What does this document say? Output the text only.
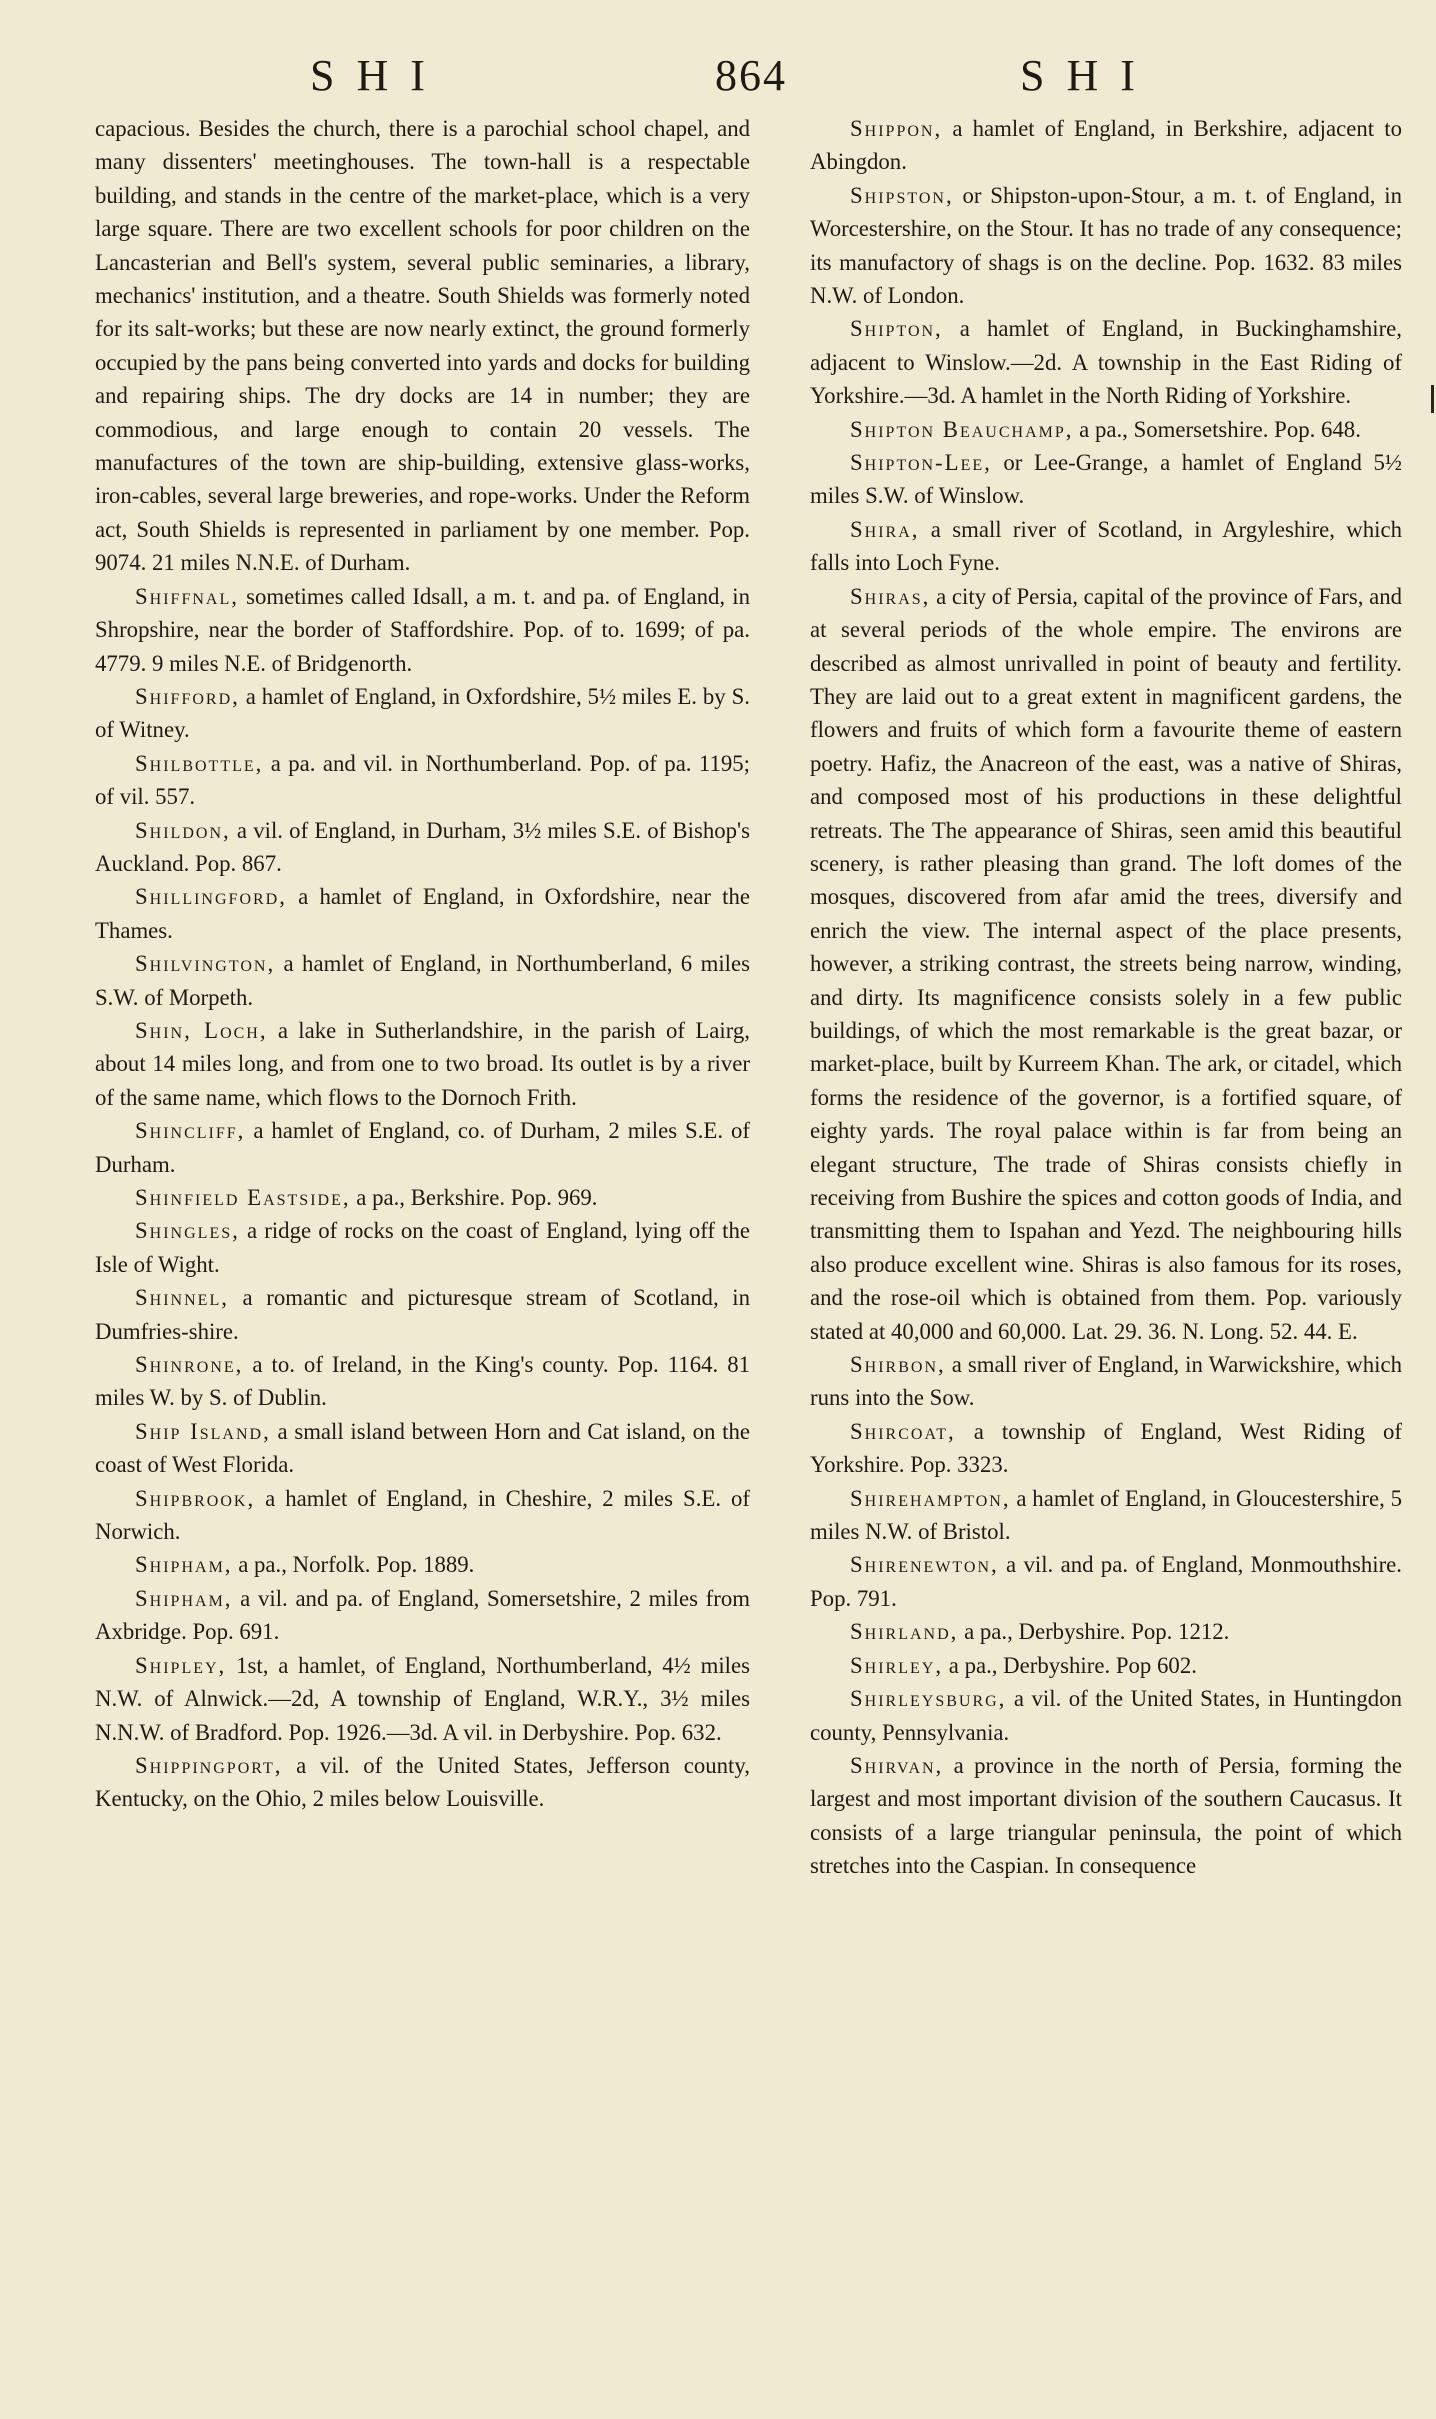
SHI	864	SHI

capacious. Besides the church, there is a parochial school chapel, and many dissenters' meetinghouses. The town-hall is a respectable building, and stands in the centre of the market-place, which is a very large square. There are two excellent schools for poor children on the Lancasterian and Bell's system, several public seminaries, a library, mechanics' institution, and a theatre. South Shields was formerly noted for its salt-works; but these are now nearly extinct, the ground formerly occupied by the pans being converted into yards and docks for building and repairing ships. The dry docks are 14 in number; they are commodious, and large enough to contain 20 vessels. The manufactures of the town are ship-building, extensive glass-works, iron-cables, several large breweries, and rope-works. Under the Reform act, South Shields is represented in parliament by one member. Pop. 9074. 21 miles N.N.E. of Durham.

Shiffnal, sometimes called Idsall, a m. t. and pa. of England, in Shropshire, near the border of Staffordshire. Pop. of to. 1699; of pa. 4779. 9 miles N.E. of Bridgenorth.

Shifford, a hamlet of England, in Oxfordshire, 5½ miles E. by S. of Witney.

Shilbottle, a pa. and vil. in Northumberland. Pop. of pa. 1195; of vil. 557.

Shildon, a vil. of England, in Durham, 3½ miles S.E. of Bishop's Auckland. Pop. 867.

Shillingford, a hamlet of England, in Oxfordshire, near the Thames.

Shilvington, a hamlet of England, in Northumberland, 6 miles S.W. of Morpeth.

Shin, Loch, a lake in Sutherlandshire, in the parish of Lairg, about 14 miles long, and from one to two broad. Its outlet is by a river of the same name, which flows to the Dornoch Frith.

Shincliff, a hamlet of England, co. of Durham, 2 miles S.E. of Durham.

Shinfield Eastside, a pa., Berkshire. Pop. 969.

Shingles, a ridge of rocks on the coast of England, lying off the Isle of Wight.

Shinnel, a romantic and picturesque stream of Scotland, in Dumfries-shire.

Shinrone, a to. of Ireland, in the King's county. Pop. 1164. 81 miles W. by S. of Dublin.

Ship Island, a small island between Horn and Cat island, on the coast of West Florida.

Shipbrook, a hamlet of England, in Cheshire, 2 miles S.E. of Norwich.

Shipham, a pa., Norfolk. Pop. 1889.

Shipham, a vil. and pa. of England, Somersetshire, 2 miles from Axbridge. Pop. 691.

Shipley, 1st, a hamlet, of England, Northumberland, 4½ miles N.W. of Alnwick.—2d, A township of England, W.R.Y., 3½ miles N.N.W. of Bradford. Pop. 1926.—3d. A vil. in Derbyshire. Pop. 632.

Shippingport, a vil. of the United States, Jefferson county, Kentucky, on the Ohio, 2 miles below Louisville.

Shippon, a hamlet of England, in Berkshire, adjacent to Abingdon.

Shipston, or Shipston-upon-Stour, a m. t. of England, in Worcestershire, on the Stour. It has no trade of any consequence; its manufactory of shags is on the decline. Pop. 1632. 83 miles N.W. of London.

Shipton, a hamlet of England, in Buckinghamshire, adjacent to Winslow.—2d. A township in the East Riding of Yorkshire.—3d. A hamlet in the North Riding of Yorkshire.

Shipton Beauchamp, a pa., Somersetshire. Pop. 648.

Shipton-Lee, or Lee-Grange, a hamlet of England 5½ miles S.W. of Winslow.

Shira, a small river of Scotland, in Argyleshire, which falls into Loch Fyne.

Shiras, a city of Persia, capital of the province of Fars, and at several periods of the whole empire. The environs are described as almost unrivalled in point of beauty and fertility. They are laid out to a great extent in magnificent gardens, the flowers and fruits of which form a favourite theme of eastern poetry. Hafiz, the Anacreon of the east, was a native of Shiras, and composed most of his productions in these delightful retreats. The The appearance of Shiras, seen amid this beautiful scenery, is rather pleasing than grand. The loft domes of the mosques, discovered from afar amid the trees, diversify and enrich the view. The internal aspect of the place presents, however, a striking contrast, the streets being narrow, winding, and dirty. Its magnificence consists solely in a few public buildings, of which the most remarkable is the great bazar, or market-place, built by Kurreem Khan. The ark, or citadel, which forms the residence of the governor, is a fortified square, of eighty yards. The royal palace within is far from being an elegant structure, The trade of Shiras consists chiefly in receiving from Bushire the spices and cotton goods of India, and transmitting them to Ispahan and Yezd. The neighbouring hills also produce excellent wine. Shiras is also famous for its roses, and the rose-oil which is obtained from them. Pop. variously stated at 40,000 and 60,000. Lat. 29. 36. N. Long. 52. 44. E.

Shirbon, a small river of England, in Warwickshire, which runs into the Sow.

Shircoat, a township of England, West Riding of Yorkshire. Pop. 3323.

Shirehampton, a hamlet of England, in Gloucestershire, 5 miles N.W. of Bristol.

Shirenewton, a vil. and pa. of England, Monmouthshire. Pop. 791.

Shirland, a pa., Derbyshire. Pop. 1212.

Shirley, a pa., Derbyshire. Pop 602.

Shirleysburg, a vil. of the United States, in Huntingdon county, Pennsylvania.

Shirvan, a province in the north of Persia, forming the largest and most important division of the southern Caucasus. It consists of a large triangular peninsula, the point of which stretches into the Caspian. In consequence
